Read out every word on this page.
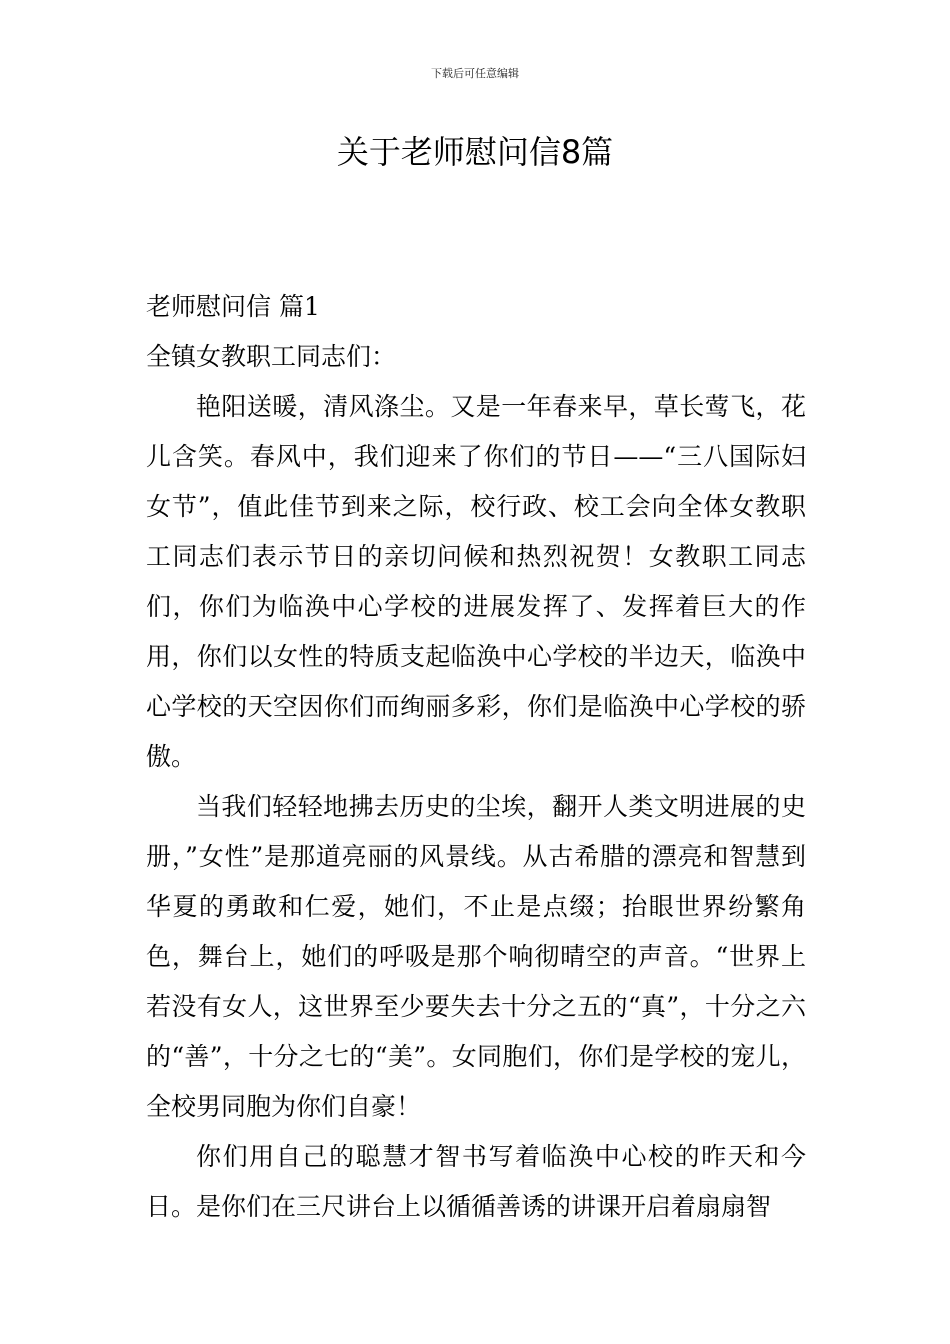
下载后可任意编辑
关于老师慰问信8篇

老师慰问信 篇1

全镇女教职工同志们：

艳阳送暖，清风涤尘。又是一年春来早，草长莺飞，花儿含笑。春风中，我们迎来了你们的节日——“三八国际妇女节”，值此佳节到来之际，校行政、校工会向全体女教职工同志们表示节日的亲切问候和热烈祝贺！女教职工同志们，你们为临涣中心学校的进展发挥了、发挥着巨大的作用，你们以女性的特质支起临涣中心学校的半边天，临涣中心学校的天空因你们而绚丽多彩，你们是临涣中心学校的骄傲。

当我们轻轻地拂去历史的尘埃，翻开人类文明进展的史册，”女性”是那道亮丽的风景线。从古希腊的漂亮和智慧到华夏的勇敢和仁爱，她们，不止是点缀；抬眼世界纷繁角色，舞台上，她们的呼吸是那个响彻晴空的声音。“世界上若没有女人，这世界至少要失去十分之五的“真”，十分之六的“善”，十分之七的“美”。女同胞们，你们是学校的宠儿，全校男同胞为你们自豪！

你们用自己的聪慧才智书写着临涣中心校的昨天和今日。是你们在三尺讲台上以循循善诱的讲课开启着扇扇智
